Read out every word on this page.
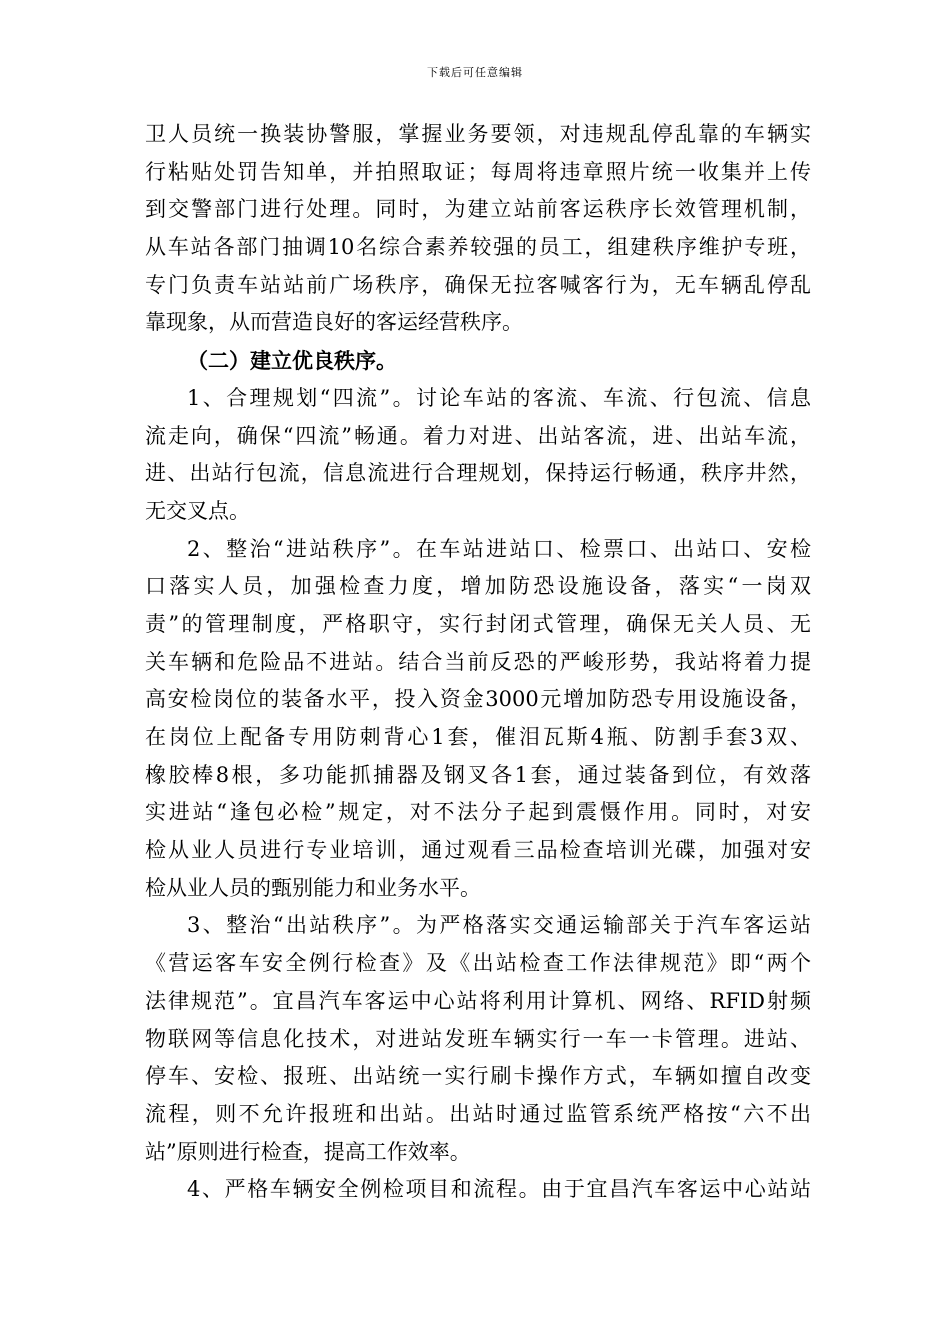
下载后可任意编辑
卫人员统一换装协警服，掌握业务要领，对违规乱停乱靠的车辆实
行粘贴处罚告知单，并拍照取证；每周将违章照片统一收集并上传
到交警部门进行处理。同时，为建立站前客运秩序长效管理机制，
从车站各部门抽调10名综合素养较强的员工，组建秩序维护专班，
专门负责车站站前广场秩序，确保无拉客喊客行为，无车辆乱停乱
靠现象，从而营造良好的客运经营秩序。
（二）建立优良秩序。
1、合理规划“四流”。讨论车站的客流、车流、行包流、信息
流走向，确保“四流”畅通。着力对进、出站客流，进、出站车流，
进、出站行包流，信息流进行合理规划，保持运行畅通，秩序井然，
无交叉点。
2、整治“进站秩序”。在车站进站口、检票口、出站口、安检
口落实人员，加强检查力度，增加防恐设施设备，落实“一岗双
责”的管理制度，严格职守，实行封闭式管理，确保无关人员、无
关车辆和危险品不进站。结合当前反恐的严峻形势，我站将着力提
高安检岗位的装备水平，投入资金3000元增加防恐专用设施设备，
在岗位上配备专用防刺背心1套，催泪瓦斯4瓶、防割手套3双、
橡胶棒8根，多功能抓捕器及钢叉各1套，通过装备到位，有效落
实进站“逢包必检”规定，对不法分子起到震慑作用。同时，对安
检从业人员进行专业培训，通过观看三品检查培训光碟，加强对安
检从业人员的甄别能力和业务水平。
3、整治“出站秩序”。为严格落实交通运输部关于汽车客运站
《营运客车安全例行检查》及《出站检查工作法律规范》即“两个
法律规范”。宜昌汽车客运中心站将利用计算机、网络、RFID射频
物联网等信息化技术，对进站发班车辆实行一车一卡管理。进站、
停车、安检、报班、出站统一实行刷卡操作方式，车辆如擅自改变
流程，则不允许报班和出站。出站时通过监管系统严格按“六不出
站”原则进行检查，提高工作效率。
4、严格车辆安全例检项目和流程。由于宜昌汽车客运中心站站
